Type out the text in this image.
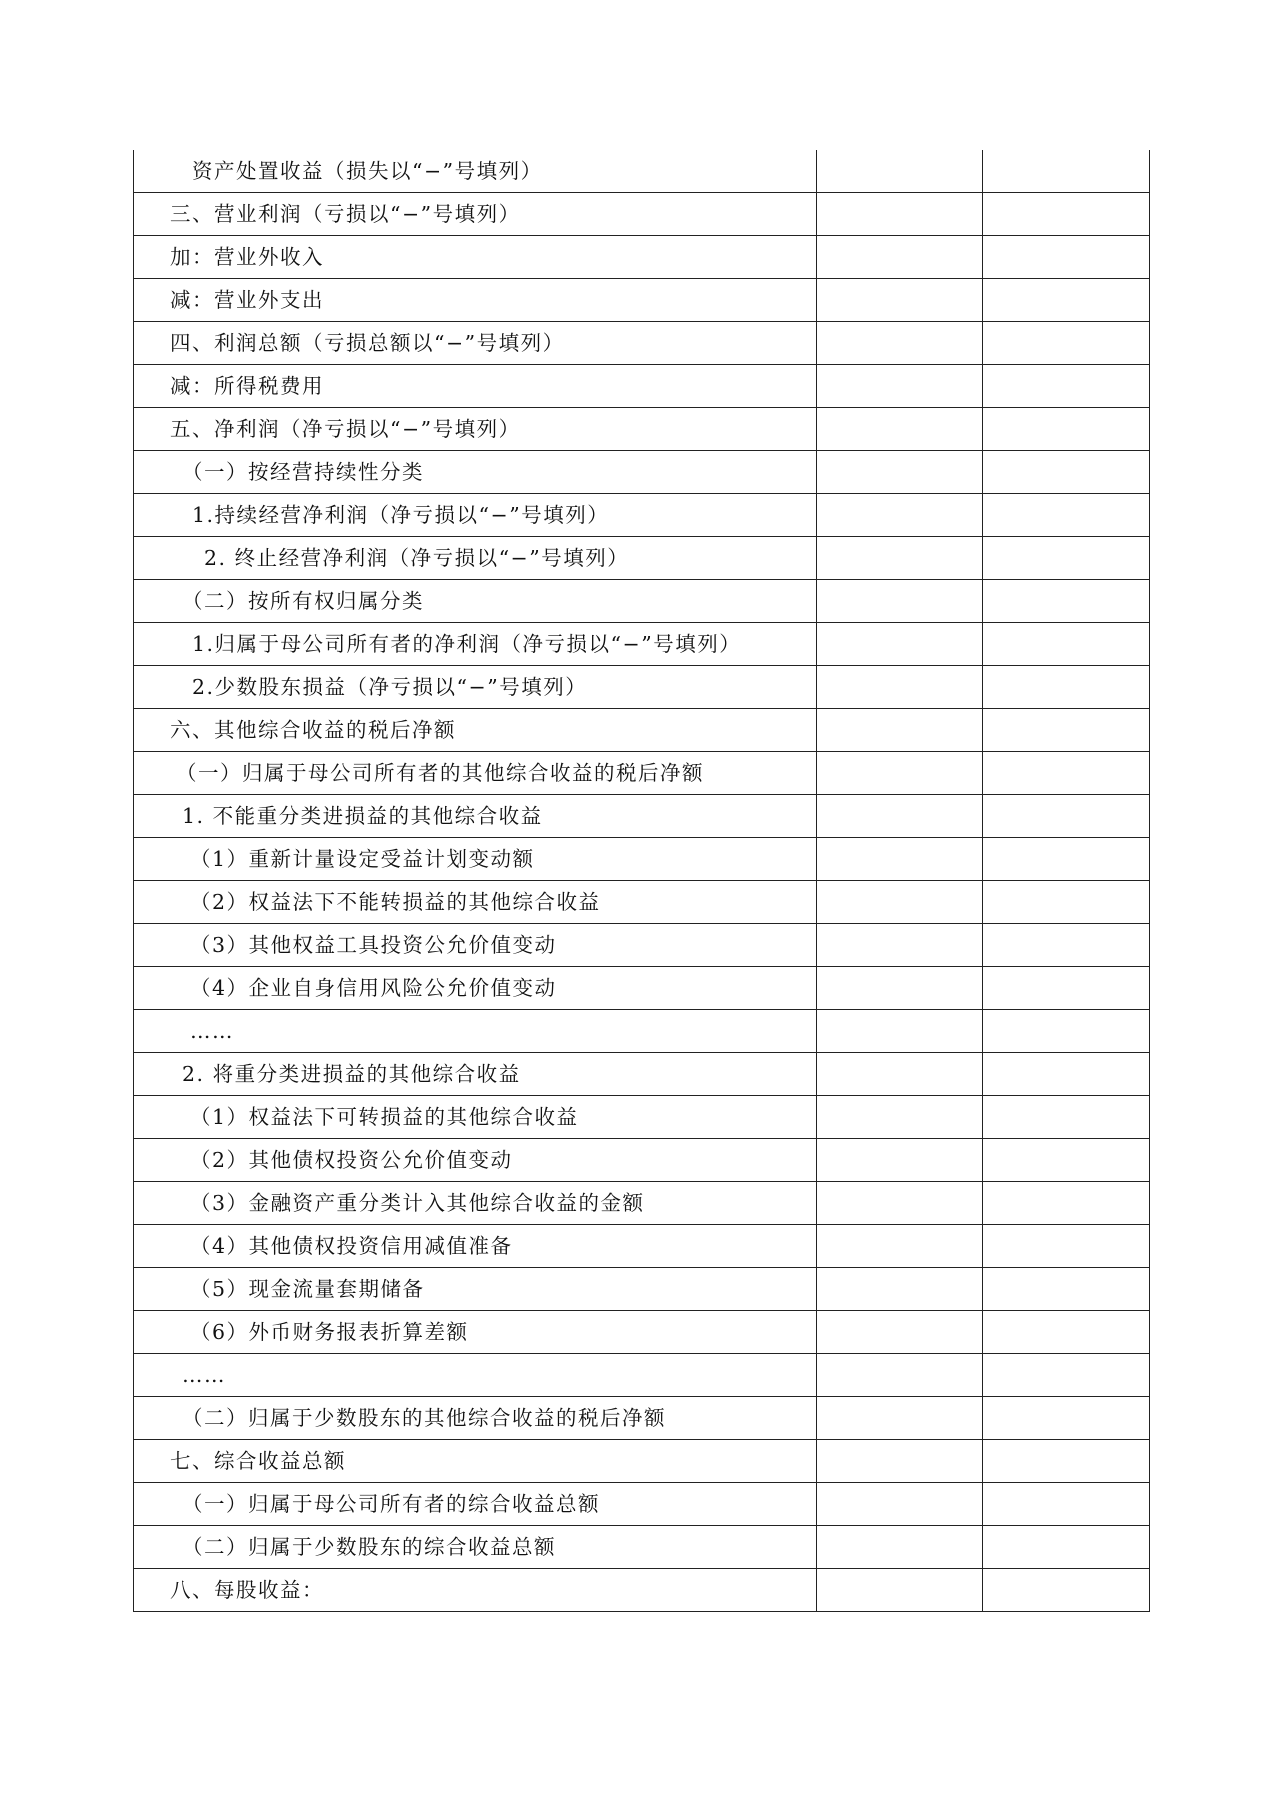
资产处置收益（损失以“−”号填列）		
三、营业利润（亏损以“−”号填列）		
加：营业外收入		
减：营业外支出		
四、利润总额（亏损总额以“−”号填列）		
减：所得税费用		
五、净利润（净亏损以“−”号填列）		
（一）按经营持续性分类		
1.持续经营净利润（净亏损以“−”号填列）		
2. 终止经营净利润（净亏损以“−”号填列）		
（二）按所有权归属分类		
1.归属于母公司所有者的净利润（净亏损以“−”号填列）		
2.少数股东损益（净亏损以“−”号填列）		
六、其他综合收益的税后净额		
（一）归属于母公司所有者的其他综合收益的税后净额		
1. 不能重分类进损益的其他综合收益		
（1）重新计量设定受益计划变动额		
（2）权益法下不能转损益的其他综合收益		
（3）其他权益工具投资公允价值变动		
（4）企业自身信用风险公允价值变动		
……		
2. 将重分类进损益的其他综合收益		
（1）权益法下可转损益的其他综合收益		
（2）其他债权投资公允价值变动		
（3）金融资产重分类计入其他综合收益的金额		
（4）其他债权投资信用减值准备		
（5）现金流量套期储备		
（6）外币财务报表折算差额		
……		
（二）归属于少数股东的其他综合收益的税后净额		
七、综合收益总额		
（一）归属于母公司所有者的综合收益总额		
（二）归属于少数股东的综合收益总额		
八、每股收益：		
